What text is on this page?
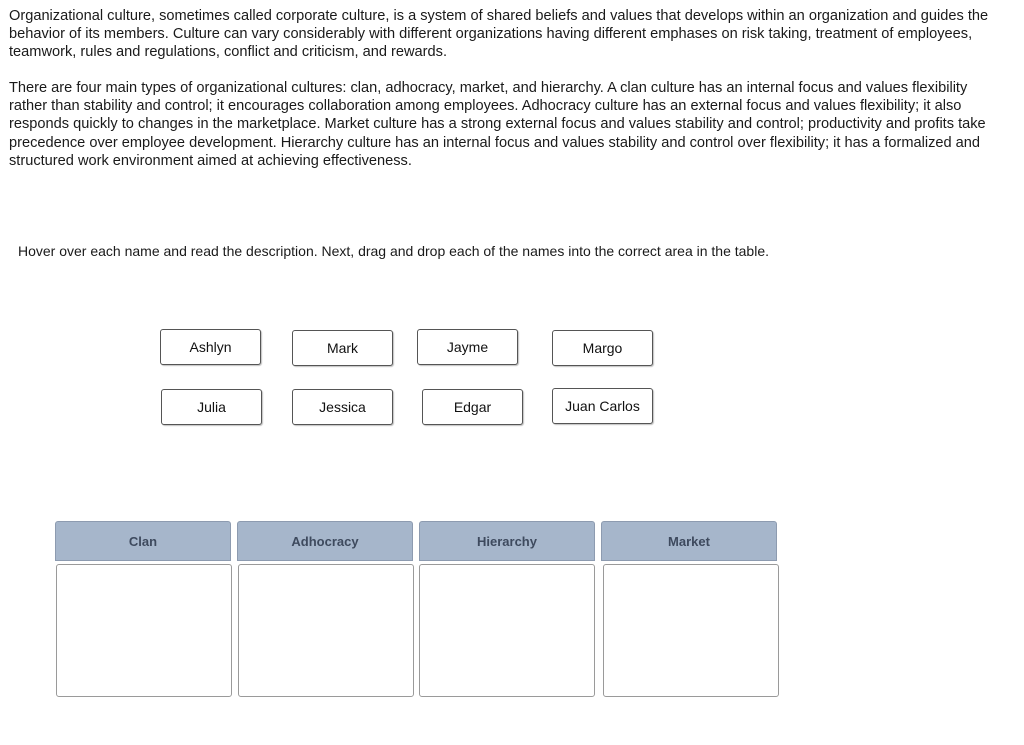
Organizational culture, sometimes called corporate culture, is a system of shared beliefs and values that develops within an organization and guides the behavior of its members. Culture can vary considerably with different organizations having different emphases on risk taking, treatment of employees, teamwork, rules and regulations, conflict and criticism, and rewards.

There are four main types of organizational cultures: clan, adhocracy, market, and hierarchy. A clan culture has an internal focus and values flexibility rather than stability and control; it encourages collaboration among employees. Adhocracy culture has an external focus and values flexibility; it also responds quickly to changes in the marketplace. Market culture has a strong external focus and values stability and control; productivity and profits take precedence over employee development. Hierarchy culture has an internal focus and values stability and control over flexibility; it has a formalized and structured work environment aimed at achieving effectiveness.

Hover over each name and read the description. Next, drag and drop each of the names into the correct area in the table.

Ashlyn	Mark	Jayme	Margo
Julia	Jessica	Edgar	Juan Carlos
Clan	Adhocracy	Hierarchy	Market
